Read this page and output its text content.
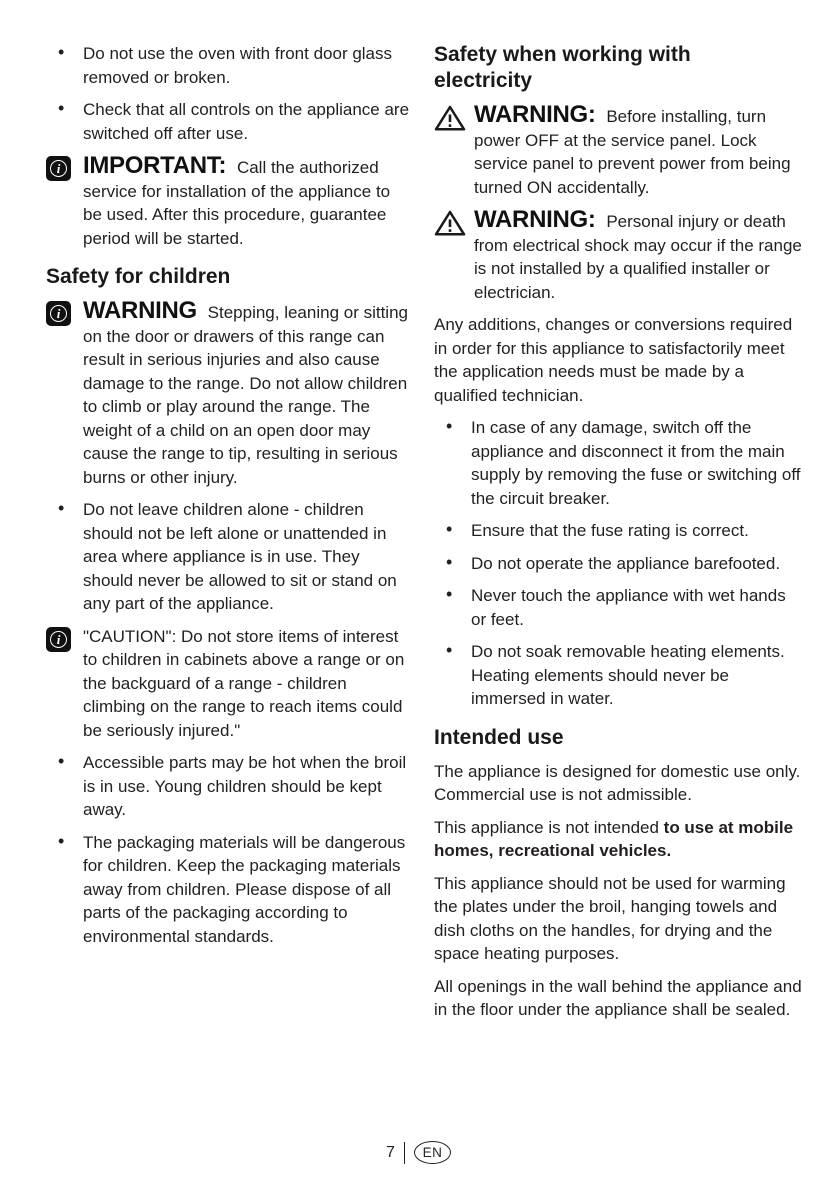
• Do not use the oven with front door glass removed or broken.
• Check that all controls on the appliance are switched off after use.
i IMPORTANT: Call the authorized service for installation of the appliance to be used. After this procedure, guarantee period will be started.
Safety for children
i WARNING Stepping, leaning or sitting on the door or drawers of this range can result in serious injuries and also cause damage to the range. Do not allow children to climb or play around the range. The weight of a child on an open door may cause the range to tip, resulting in serious burns or other injury.
• Do not leave children alone - children should not be left alone or unattended in area where appliance is in use. They should never be allowed to sit or stand on any part of the appliance.
i	"CAUTION": Do not store items of interest to children in cabinets above a range or on the backguard of a range - children climbing on the range to reach items could be seriously injured."
• Accessible parts may be hot when the broil is in use. Young children should be kept away.
• The packaging materials will be dangerous for children. Keep the packaging materials away from children. Please dispose of all parts of the packaging according to environmental standards.
Safety when working with electricity
WARNING: Before installing, turn power OFF at the service panel. Lock service panel to prevent power from being turned ON accidentally.
WARNING: Personal injury or death from electrical shock may occur if the range is not installed by a qualified installer or electrician.

Any additions, changes or conversions required in order for this appliance to satisfactorily meet the application needs must be made by a qualified technician.

• In case of any damage, switch off the appliance and disconnect it from the main supply by removing the fuse or switching off the circuit breaker.
• Ensure that the fuse rating is correct.
• Do not operate the appliance barefooted.
• Never touch the appliance with wet hands or feet.
• Do not soak removable heating elements. Heating elements should never be immersed in water.
Intended use

The appliance is designed for domestic use only. Commercial use is not admissible.

This appliance is not intended to use at mobile homes, recreational vehicles.

This appliance should not be used for warming the plates under the broil, hanging towels and dish cloths on the handles, for drying and the space heating purposes.

All openings in the wall behind the appliance and in the floor under the appliance shall be sealed.

7	EN
